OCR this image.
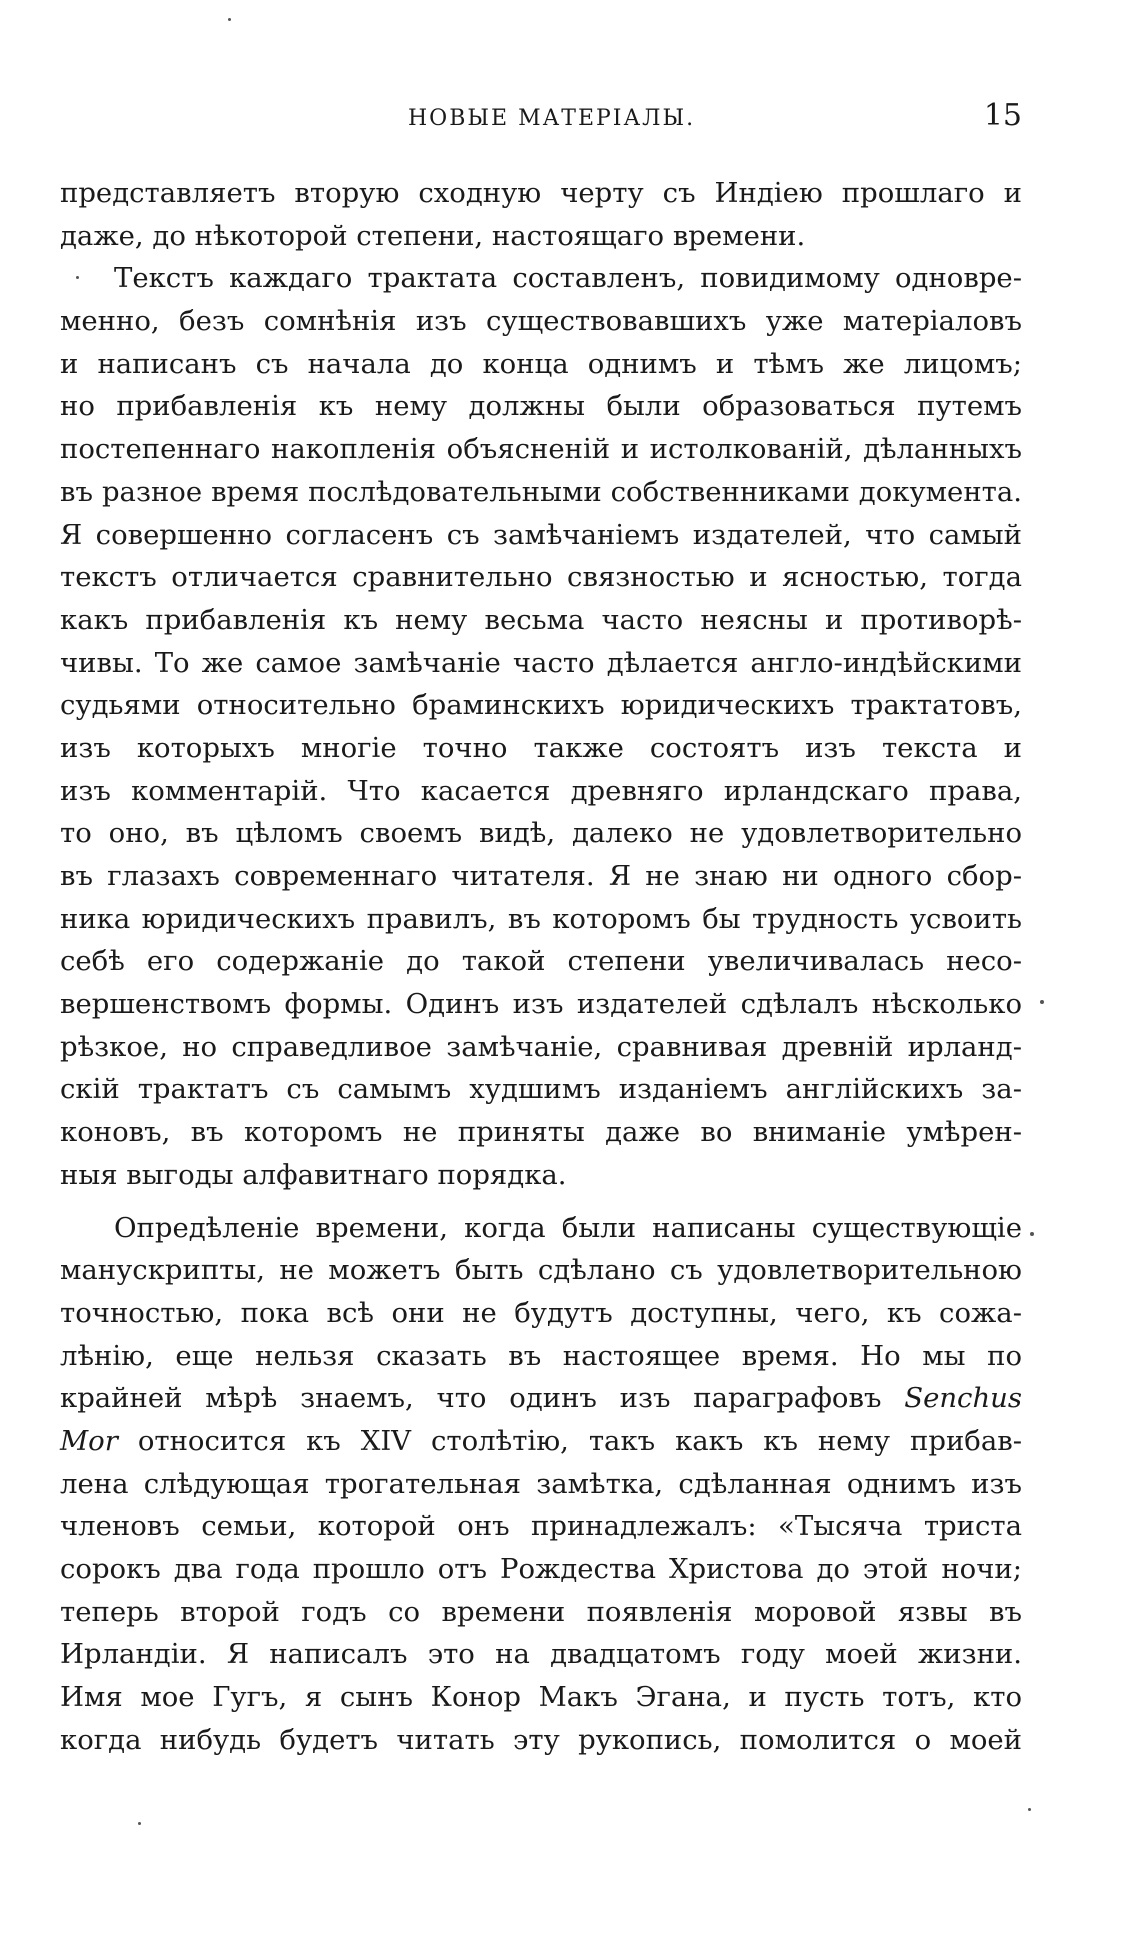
НОВЫЕ МАТЕРІАЛЫ.	15
представляетъ вторую сходную черту съ Индіею прошлаго и
даже, до нѣкоторой степени, настоящаго времени.
Текстъ каждаго трактата составленъ, повидимому одновре-
менно, безъ сомнѣнія изъ существовавшихъ уже матеріаловъ
и написанъ съ начала до конца однимъ и тѣмъ же лицомъ;
но прибавленія къ нему должны были образоваться путемъ
постепеннаго накопленія объясненій и истолкованій, дѣланныхъ
въ разное время послѣдовательными собственниками документа.
Я совершенно согласенъ съ замѣчаніемъ издателей, что самый
текстъ отличается сравнительно связностью и ясностью, тогда
какъ прибавленія къ нему весьма часто неясны и противорѣ-
чивы. То же самое замѣчаніе часто дѣлается англо-индѣйскими
судьями относительно браминскихъ юридическихъ трактатовъ,
изъ которыхъ многіе точно также состоятъ изъ текста и
изъ комментарій. Что касается древняго ирландскаго права,
то оно, въ цѣломъ своемъ видѣ, далеко не удовлетворительно
въ глазахъ современнаго читателя. Я не знаю ни одного сбор-
ника юридическихъ правилъ, въ которомъ бы трудность усвоить
себѣ его содержаніе до такой степени увеличивалась несо-
вершенствомъ формы. Одинъ изъ издателей сдѣлалъ нѣсколько
рѣзкое, но справедливое замѣчаніе, сравнивая древній ирланд-
скій трактатъ съ самымъ худшимъ изданіемъ англійскихъ за-
коновъ, въ которомъ не приняты даже во вниманіе умѣрен-
ныя выгоды алфавитнаго порядка.
Опредѣленіе времени, когда были написаны существующіе
манускрипты, не можетъ быть сдѣлано съ удовлетворительною
точностью, пока всѣ они не будутъ доступны, чего, къ сожа-
лѣнію, еще нельзя сказать въ настоящее время. Но мы по
крайней мѣрѣ знаемъ, что одинъ изъ параграфовъ Senchus
Mor относится къ XIV столѣтію, такъ какъ къ нему прибав-
лена слѣдующая трогательная замѣтка, сдѣланная однимъ изъ
членовъ семьи, которой онъ принадлежалъ: «Тысяча триста
сорокъ два года прошло отъ Рождества Христова до этой ночи;
теперь второй годъ со времени появленія моровой язвы въ
Ирландіи. Я написалъ это на двадцатомъ году моей жизни.
Имя мое Гугъ, я сынъ Конор Макъ Эгана, и пусть тотъ, кто
когда нибудь будетъ читать эту рукопись, помолится о моей
